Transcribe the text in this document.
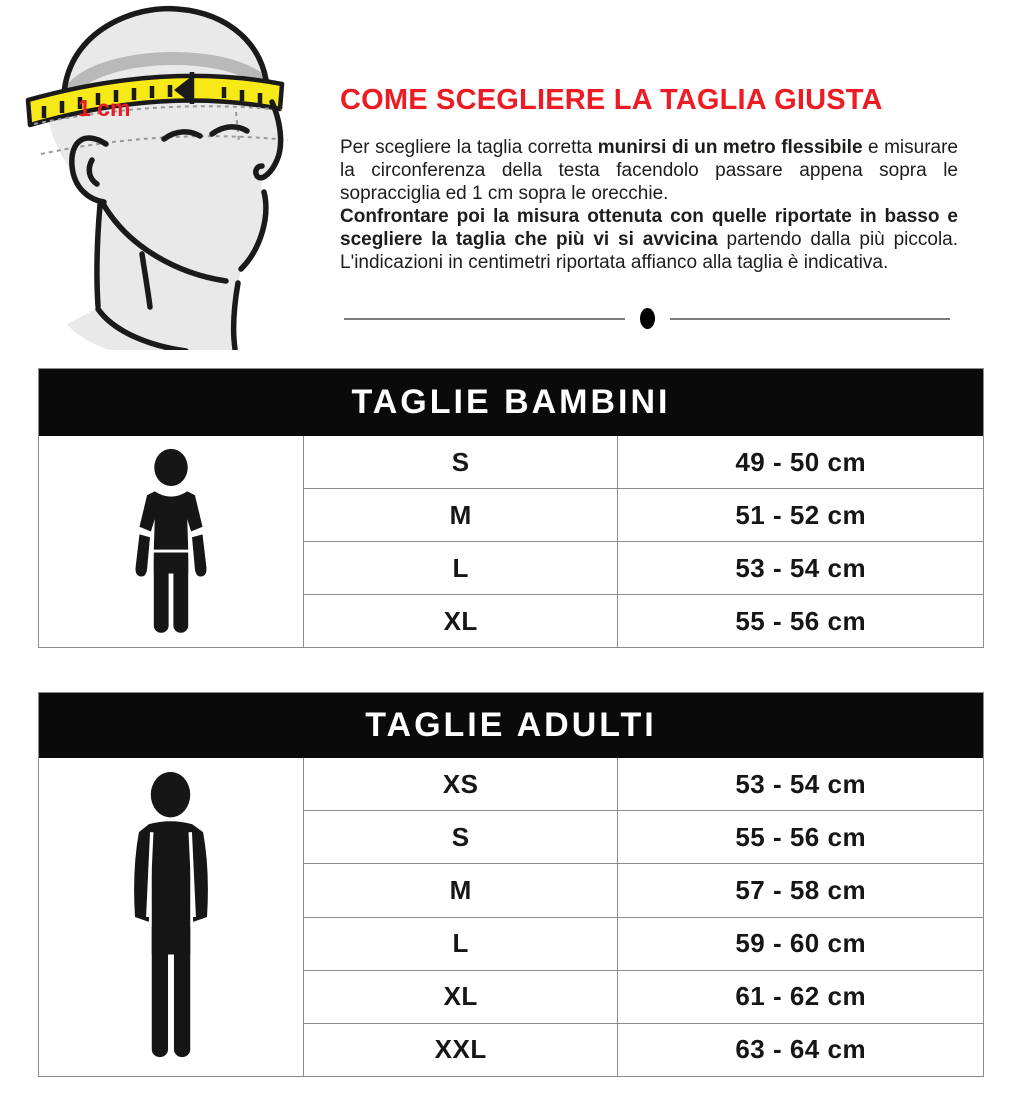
1 cm	COME SCEGLIERE LA TAGLIA GIUSTA

Per scegliere la taglia corretta munirsi di un metro flessibile e misurare la circonferenza della testa facendolo passare appena sopra le sopracciglia ed 1 cm sopra le orecchie.

Confrontare poi la misura ottenuta con quelle riportate in basso e scegliere la taglia che più vi si avvicina partendo dalla più piccola. L'indicazioni in centimetri riportata affianco alla taglia è indicativa.

TAGLIE BAMBINI
S	49 - 50 cm
M	51 - 52 cm
L	53 - 54 cm
XL	55 - 56 cm
TAGLIE ADULTI
XS	53 - 54 cm
S	55 - 56 cm
M	57 - 58 cm
L	59 - 60 cm
XL	61 - 62 cm
XXL	63 - 64 cm
